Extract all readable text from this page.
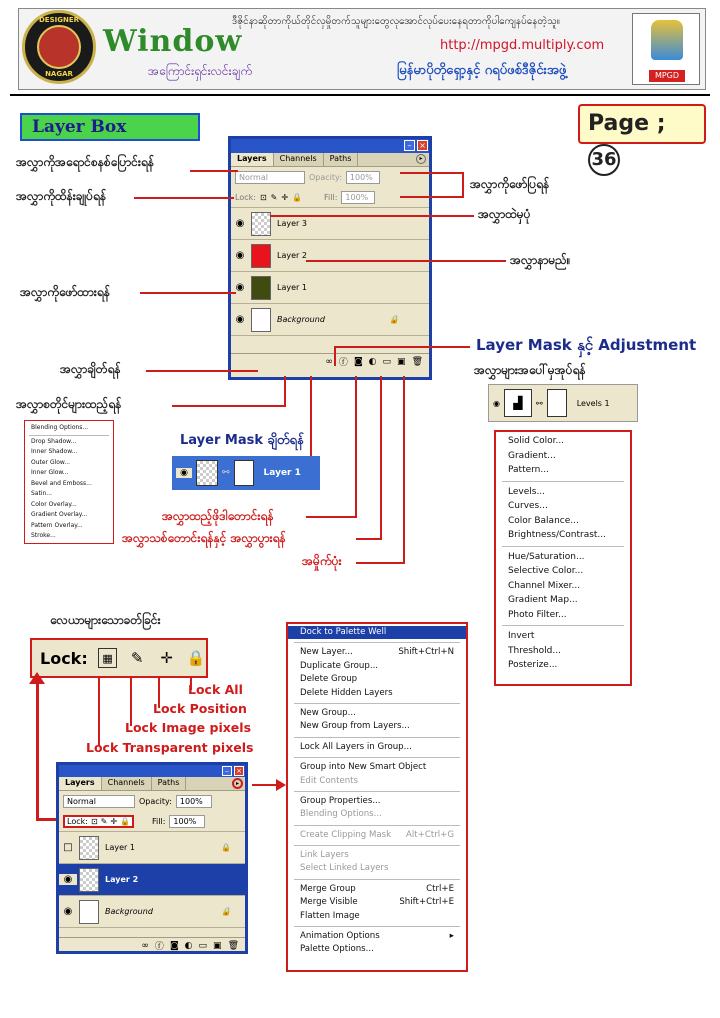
DESIGNER
NAGAR
Window
အကြောင်းရှင်းလင်းချက်
ဒီဇိုင်နာဆိုတာကိုယ်တိုင်လှမှိုတက်သူများတွေလုအောင်လုပ်ပေးနေရတာကိုပါကျေနပ်နေတဲ့သူ။
http://mpgd.multiply.com
မြန်မာပိုတိုရှော့နှင့် ဂရပ်ဖစ်ဒီဇိုင်းအဖွဲ့	MPGD
Layer Box	Page ; 36
– ×
Layers	Channels	Paths	▸
Normal	Opacity:	100%
Lock: ⊡ ✎ ✛ 🔒	Fill:	100%
◉	Layer 3
◉	Layer 2
◉	Layer 1
◉	Background	🔒
∞ ⓕ ◙ ◐ ▭ ▣ 🗑
အလွှာကိုအရောင်စနစ်ပြောင်းရန်
အလွှာကိုထိန်းချုပ်ရန်
အလွှာကိုဖော်ပြရန်
အလွှာထဲမှပုံ
အလွှာနာမည်။
အလွှာကိုဖော်ထားရန်
အလွှာချိတ်ရန်
အလွှာစတိုင်များထည့်ရန်
Layer Mask နှင့် Adjustment
အလွှာများအပေါ်မှအုပ်ရန်
Blending Options...
Drop Shadow...
Inner Shadow...
Outer Glow...
Inner Glow...
Bevel and Emboss...
Satin...
Color Overlay...
Gradient Overlay...
Pattern Overlay...
Stroke...
Layer Mask ချိတ်ရန်
◉	⚯	Layer 1
အလွှာထည့်ဖိုဒါတောင်းရန်
အလွှာသစ်တောင်းရန်နှင့် အလွှာပွားရန်
အမှိုက်ပုံး
◉	▟	⚯	Levels 1
Solid Color...
Gradient...
Pattern...
Levels...
Curves...
Color Balance...
Brightness/Contrast...
Hue/Saturation...
Selective Color...
Channel Mixer...
Gradient Map...
Photo Filter...
Invert
Threshold...
Posterize...
လေယာများသောခတ်ခြင်း
Lock:	▦	✎ ✛ 🔒
Lock All
Lock Position
Lock Image pixels
Lock Transparent pixels
–	×
Layers	Channels	Paths	▸
Normal	Opacity:	100%
Lock: ⊡ ✎ ✛ 🔒	Fill:	100%
□	Layer 1	🔒
◉	Layer 2
◉	Background	🔒
∞ ⓕ ◙ ◐ ▭ ▣ 🗑
Dock to Palette Well
New Layer...	Shift+Ctrl+N
Duplicate Group...
Delete Group
Delete Hidden Layers
New Group...
New Group from Layers...
Lock All Layers in Group...
Group into New Smart Object
Edit Contents
Group Properties...
Blending Options...
Create Clipping Mask Alt+Ctrl+G
Link Layers
Select Linked Layers
Merge Group	Ctrl+E
Merge Visible	Shift+Ctrl+E
Flatten Image
Animation Options	▸
Palette Options...
